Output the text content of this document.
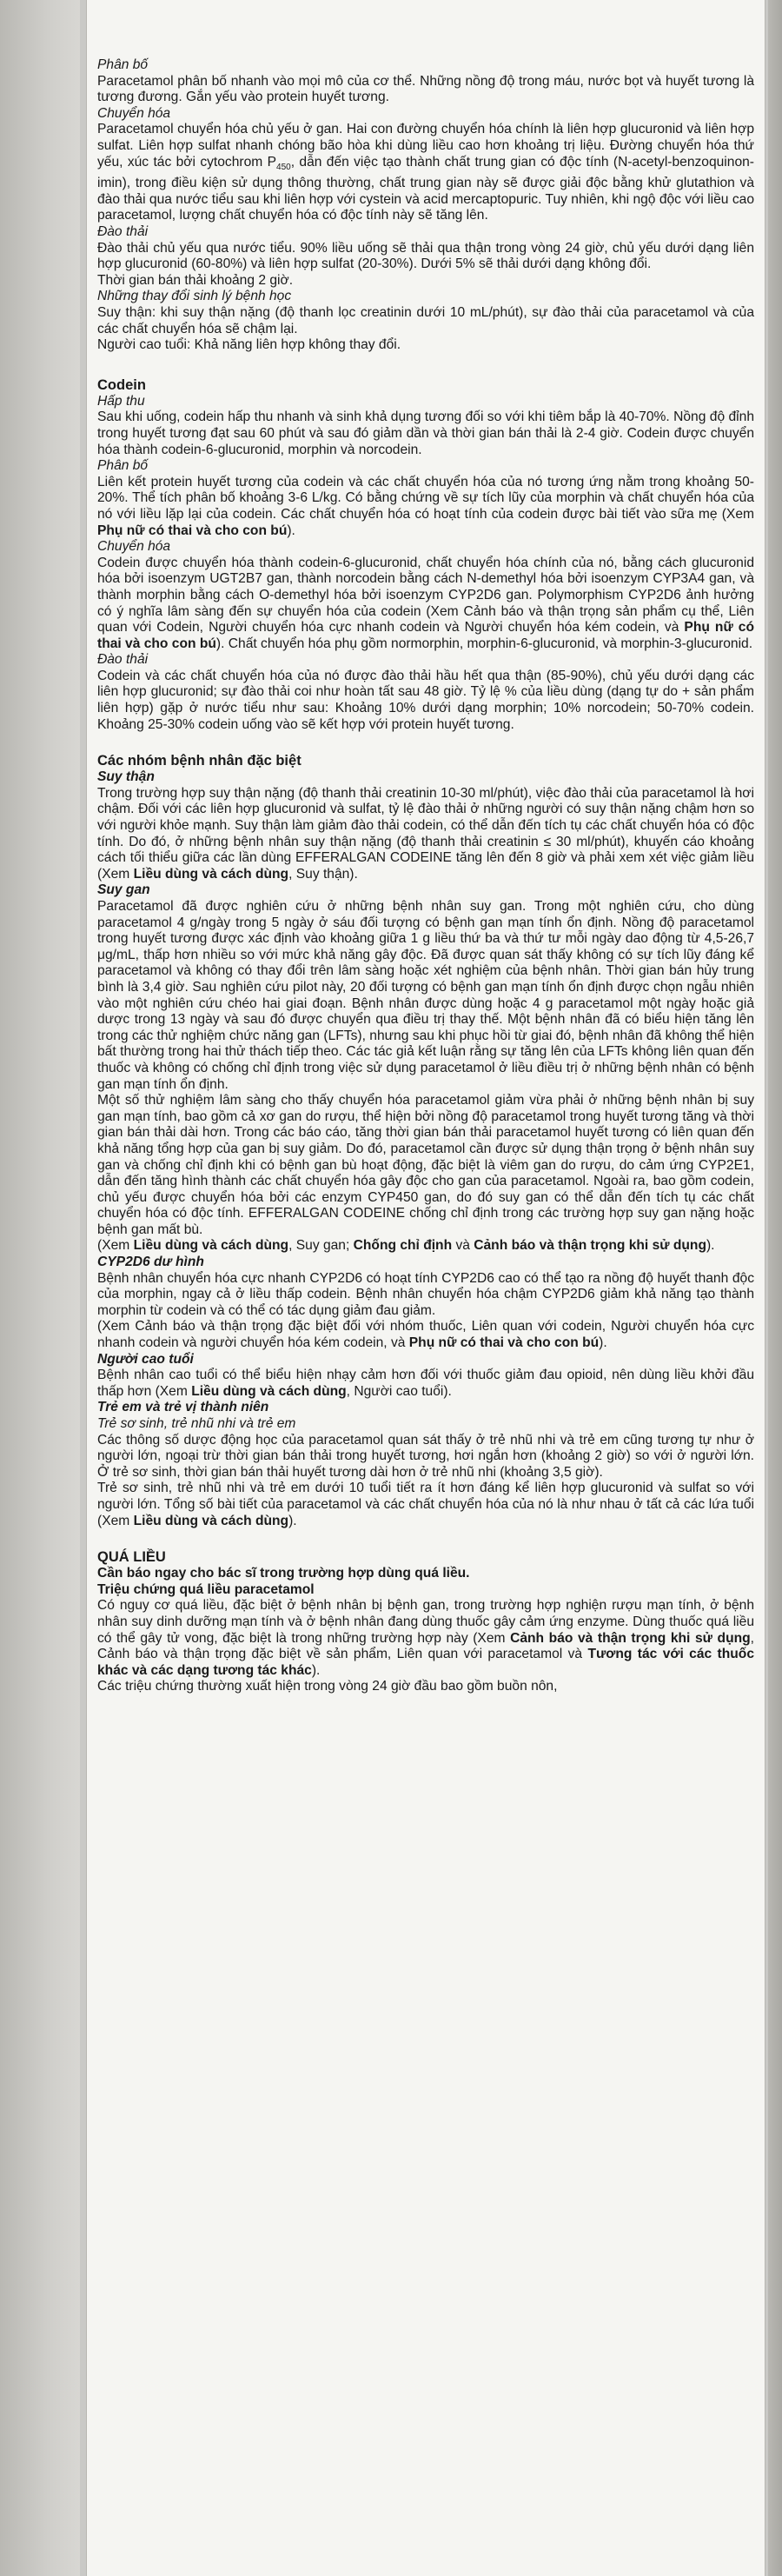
Phân bố

Paracetamol phân bố nhanh vào mọi mô của cơ thể. Những nồng độ trong máu, nước bọt và huyết tương là tương đương. Gắn yếu vào protein huyết tương.

Chuyển hóa

Paracetamol chuyển hóa chủ yếu ở gan. Hai con đường chuyển hóa chính là liên hợp glucuronid và liên hợp sulfat. Liên hợp sulfat nhanh chóng bão hòa khi dùng liều cao hơn khoảng trị liệu. Đường chuyển hóa thứ yếu, xúc tác bởi cytochrom $P_{450}$, dẫn đến việc tạo thành chất trung gian có độc tính (N-acetyl-benzoquinon-imin), trong điều kiện sử dụng thông thường, chất trung gian này sẽ được giải độc bằng khử glutathion và đào thải qua nước tiểu sau khi liên hợp với cystein và acid mercaptopuric. Tuy nhiên, khi ngộ độc với liều cao paracetamol, lượng chất chuyển hóa có độc tính này sẽ tăng lên.

Đào thải

Đào thải chủ yếu qua nước tiểu. 90% liều uống sẽ thải qua thận trong vòng 24 giờ, chủ yếu dưới dạng liên hợp glucuronid (60-80%) và liên hợp sulfat (20-30%). Dưới 5% sẽ thải dưới dạng không đổi.

Thời gian bán thải khoảng 2 giờ.

Những thay đổi sinh lý bệnh học

Suy thận: khi suy thận nặng (độ thanh lọc creatinin dưới 10 mL/phút), sự đào thải của paracetamol và của các chất chuyển hóa sẽ chậm lại.

Người cao tuổi: Khả năng liên hợp không thay đổi.

Codein

Hấp thu

Sau khi uống, codein hấp thu nhanh và sinh khả dụng tương đối so với khi tiêm bắp là 40-70%. Nồng độ đỉnh trong huyết tương đạt sau 60 phút và sau đó giảm dần và thời gian bán thải là 2-4 giờ. Codein được chuyển hóa thành codein-6-glucuronid, morphin và norcodein.

Phân bố

Liên kết protein huyết tương của codein và các chất chuyển hóa của nó tương ứng nằm trong khoảng 50-20%. Thể tích phân bố khoảng 3-6 L/kg. Có bằng chứng về sự tích lũy của morphin và chất chuyển hóa của nó với liều lặp lại của codein. Các chất chuyển hóa có hoạt tính của codein được bài tiết vào sữa mẹ (Xem Phụ nữ có thai và cho con bú).

Chuyển hóa

Codein được chuyển hóa thành codein-6-glucuronid, chất chuyển hóa chính của nó, bằng cách glucuronid hóa bởi isoenzym UGT2B7 gan, thành norcodein bằng cách N-demethyl hóa bởi isoenzym CYP3A4 gan, và thành morphin bằng cách O-demethyl hóa bởi isoenzym CYP2D6 gan. Polymorphism CYP2D6 ảnh hưởng có ý nghĩa lâm sàng đến sự chuyển hóa của codein (Xem Cảnh báo và thận trọng sản phẩm cụ thể, Liên quan với Codein, Người chuyển hóa cực nhanh codein và Người chuyển hóa kém codein, và Phụ nữ có thai và cho con bú). Chất chuyển hóa phụ gồm normorphin, morphin-6-glucuronid, và morphin-3-glucuronid.

Đào thải

Codein và các chất chuyển hóa của nó được đào thải hầu hết qua thận (85-90%), chủ yếu dưới dạng các liên hợp glucuronid; sự đào thải coi như hoàn tất sau 48 giờ. Tỷ lệ % của liều dùng (dạng tự do + sản phẩm liên hợp) gặp ở nước tiểu như sau: Khoảng 10% dưới dạng morphin; 10% norcodein; 50-70% codein. Khoảng 25-30% codein uống vào sẽ kết hợp với protein huyết tương.

Các nhóm bệnh nhân đặc biệt

Suy thận

Trong trường hợp suy thận nặng (độ thanh thải creatinin 10-30 ml/phút), việc đào thải của paracetamol là hơi chậm. Đối với các liên hợp glucuronid và sulfat, tỷ lệ đào thải ở những người có suy thận nặng chậm hơn so với người khỏe mạnh. Suy thận làm giảm đào thải codein, có thể dẫn đến tích tụ các chất chuyển hóa có độc tính. Do đó, ở những bệnh nhân suy thận nặng (độ thanh thải creatinin ≤ 30 ml/phút), khuyến cáo khoảng cách tối thiểu giữa các lần dùng EFFERALGAN CODEINE tăng lên đến 8 giờ và phải xem xét việc giảm liều (Xem Liều dùng và cách dùng, Suy thận).

Suy gan

Paracetamol đã được nghiên cứu ở những bệnh nhân suy gan. Trong một nghiên cứu, cho dùng paracetamol 4 g/ngày trong 5 ngày ở sáu đối tượng có bệnh gan mạn tính ổn định. Nồng độ paracetamol trong huyết tương được xác định vào khoảng giữa 1 g liều thứ ba và thứ tư mỗi ngày dao động từ 4,5-26,7 μg/mL, thấp hơn nhiều so với mức khả năng gây độc. Đã được quan sát thấy không có sự tích lũy đáng kể paracetamol và không có thay đổi trên lâm sàng hoặc xét nghiệm của bệnh nhân. Thời gian bán hủy trung bình là 3,4 giờ. Sau nghiên cứu pilot này, 20 đối tượng có bệnh gan mạn tính ổn định được chọn ngẫu nhiên vào một nghiên cứu chéo hai giai đoạn. Bệnh nhân được dùng hoặc 4 g paracetamol một ngày hoặc giả dược trong 13 ngày và sau đó được chuyển qua điều trị thay thế. Một bệnh nhân đã có biểu hiện tăng lên trong các thử nghiệm chức năng gan (LFTs), nhưng sau khi phục hồi từ giai đó, bệnh nhân đã không thể hiện bất thường trong hai thử thách tiếp theo. Các tác giả kết luận rằng sự tăng lên của LFTs không liên quan đến thuốc và không có chống chỉ định trong việc sử dụng paracetamol ở liều điều trị ở những bệnh nhân có bệnh gan mạn tính ổn định.

Một số thử nghiệm lâm sàng cho thấy chuyển hóa paracetamol giảm vừa phải ở những bệnh nhân bị suy gan mạn tính, bao gồm cả xơ gan do rượu, thể hiện bởi nồng độ paracetamol trong huyết tương tăng và thời gian bán thải dài hơn. Trong các báo cáo, tăng thời gian bán thải paracetamol huyết tương có liên quan đến khả năng tổng hợp của gan bị suy giảm. Do đó, paracetamol cần được sử dụng thận trọng ở bệnh nhân suy gan và chống chỉ định khi có bệnh gan bù hoạt động, đặc biệt là viêm gan do rượu, do cảm ứng CYP2E1, dẫn đến tăng hình thành các chất chuyển hóa gây độc cho gan của paracetamol. Ngoài ra, bao gồm codein, chủ yếu được chuyển hóa bởi các enzym CYP450 gan, do đó suy gan có thể dẫn đến tích tụ các chất chuyển hóa có độc tính. EFFERALGAN CODEINE chống chỉ định trong các trường hợp suy gan nặng hoặc bệnh gan mất bù.

(Xem Liều dùng và cách dùng, Suy gan; Chống chỉ định và Cảnh báo và thận trọng khi sử dụng).

CYP2D6 dư hình

Bệnh nhân chuyển hóa cực nhanh CYP2D6 có hoạt tính CYP2D6 cao có thể tạo ra nồng độ huyết thanh độc của morphin, ngay cả ở liều thấp codein. Bệnh nhân chuyển hóa chậm CYP2D6 giảm khả năng tạo thành morphin từ codein và có thể có tác dụng giảm đau giảm.

(Xem Cảnh báo và thận trọng đặc biệt đối với nhóm thuốc, Liên quan với codein, Người chuyển hóa cực nhanh codein và người chuyển hóa kém codein, và Phụ nữ có thai và cho con bú).

Người cao tuổi

Bệnh nhân cao tuổi có thể biểu hiện nhạy cảm hơn đối với thuốc giảm đau opioid, nên dùng liều khởi đầu thấp hơn (Xem Liều dùng và cách dùng, Người cao tuổi).

Trẻ em và trẻ vị thành niên

Trẻ sơ sinh, trẻ nhũ nhi và trẻ em

Các thông số dược động học của paracetamol quan sát thấy ở trẻ nhũ nhi và trẻ em cũng tương tự như ở người lớn, ngoại trừ thời gian bán thải trong huyết tương, hơi ngắn hơn (khoảng 2 giờ) so với ở người lớn. Ở trẻ sơ sinh, thời gian bán thải huyết tương dài hơn ở trẻ nhũ nhi (khoảng 3,5 giờ).

Trẻ sơ sinh, trẻ nhũ nhi và trẻ em dưới 10 tuổi tiết ra ít hơn đáng kể liên hợp glucuronid và sulfat so với người lớn. Tổng số bài tiết của paracetamol và các chất chuyển hóa của nó là như nhau ở tất cả các lứa tuổi (Xem Liều dùng và cách dùng).

QUÁ LIỀU

Cần báo ngay cho bác sĩ trong trường hợp dùng quá liều.

Triệu chứng quá liều paracetamol

Có nguy cơ quá liều, đặc biệt ở bệnh nhân bị bệnh gan, trong trường hợp nghiện rượu mạn tính, ở bệnh nhân suy dinh dưỡng mạn tính và ở bệnh nhân đang dùng thuốc gây cảm ứng enzyme. Dùng thuốc quá liều có thể gây tử vong, đặc biệt là trong những trường hợp này (Xem Cảnh báo và thận trọng khi sử dụng, Cảnh báo và thận trọng đặc biệt về sản phẩm, Liên quan với paracetamol và Tương tác với các thuốc khác và các dạng tương tác khác).

Các triệu chứng thường xuất hiện trong vòng 24 giờ đầu bao gồm buồn nôn,
